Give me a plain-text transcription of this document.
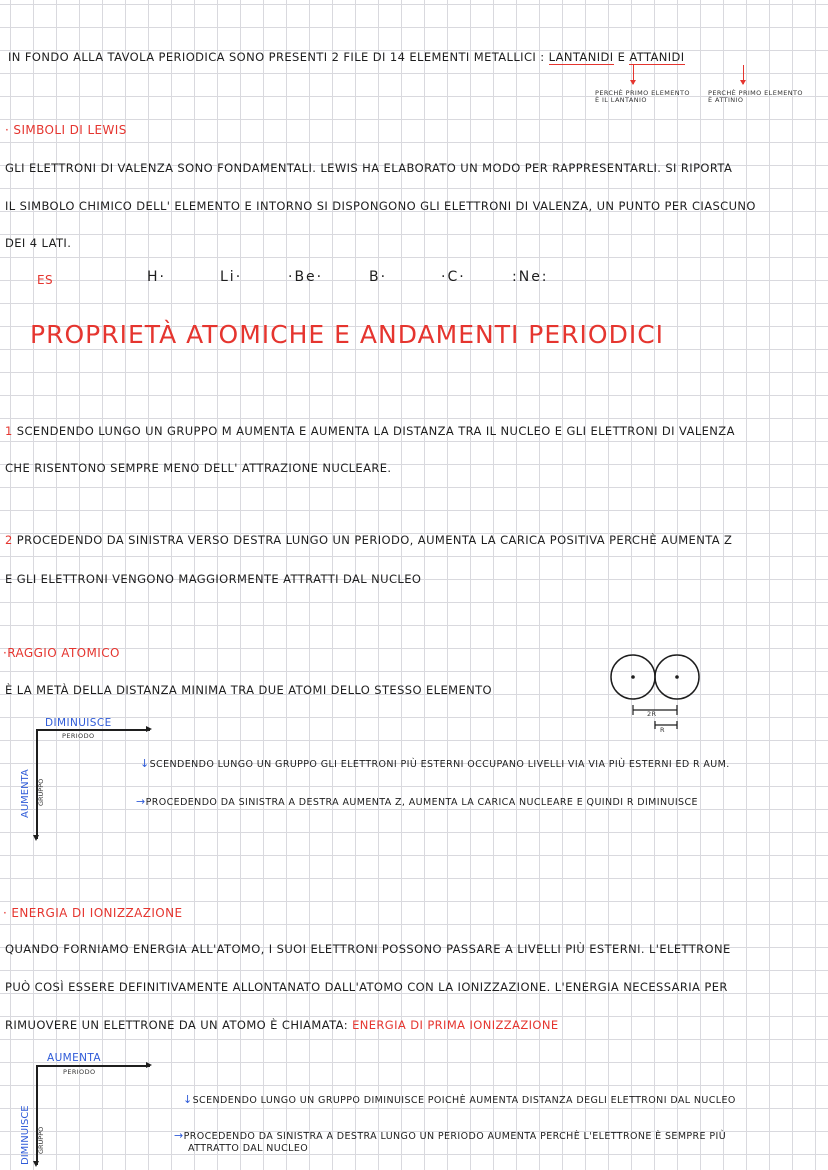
IN FONDO ALLA TAVOLA PERIODICA SONO PRESENTI 2 FILE DI 14 ELEMENTI METALLICI : LANTANIDI E ATTANIDI

PERCHÈ PRIMO ELEMENTO
È IL LANTANIO
PERCHÈ PRIMO ELEMENTO
È ATTINIO

· SIMBOLI DI LEWIS

GLI ELETTRONI DI VALENZA SONO FONDAMENTALI. LEWIS HA ELABORATO UN MODO PER RAPPRESENTARLI. SI RIPORTA

IL SIMBOLO CHIMICO DELL' ELEMENTO E INTORNO SI DISPONGONO GLI ELETTRONI DI VALENZA, UN PUNTO PER CIASCUNO

DEI 4 LATI.

ES	H·	Li·	·Be·	B·	·C·	:Ne:

PROPRIETÀ ATOMICHE E ANDAMENTI PERIODICI

1 SCENDENDO LUNGO UN GRUPPO M AUMENTA E AUMENTA LA DISTANZA TRA IL NUCLEO E GLI ELETTRONI DI VALENZA

CHE RISENTONO SEMPRE MENO DELL' ATTRAZIONE NUCLEARE.

2 PROCEDENDO DA SINISTRA VERSO DESTRA LUNGO UN PERIODO, AUMENTA LA CARICA POSITIVA PERCHÈ AUMENTA Z

E GLI ELETTRONI VENGONO MAGGIORMENTE ATTRATTI DAL NUCLEO

·RAGGIO ATOMICO

È LA METÀ DELLA DISTANZA MINIMA TRA DUE ATOMI DELLO STESSO ELEMENTO

2R
R
DIMINUISCE
PERIODO
AUMENTA GRUPPO

↓SCENDENDO LUNGO UN GRUPPO GLI ELETTRONI PIÙ ESTERNI OCCUPANO LIVELLI VIA VIA PIÙ ESTERNI ED R AUM.

→PROCEDENDO DA SINISTRA A DESTRA AUMENTA Z, AUMENTA LA CARICA NUCLEARE E QUINDI R DIMINUISCE

· ENERGIA DI IONIZZAZIONE

QUANDO FORNIAMO ENERGIA ALL'ATOMO, I SUOI ELETTRONI POSSONO PASSARE A LIVELLI PIÙ ESTERNI. L'ELETTRONE

PUÒ COSÌ ESSERE DEFINITIVAMENTE ALLONTANATO DALL'ATOMO CON LA IONIZZAZIONE. L'ENERGIA NECESSARIA PER

RIMUOVERE UN ELETTRONE DA UN ATOMO È CHIAMATA: ENERGIA DI PRIMA IONIZZAZIONE

AUMENTA
PERIODO
DIMINUISCE GRUPPO

↓SCENDENDO LUNGO UN GRUPPO DIMINUISCE POICHÈ AUMENTA DISTANZA DEGLI ELETTRONI DAL NUCLEO

→PROCEDENDO DA SINISTRA A DESTRA LUNGO UN PERIODO AUMENTA PERCHÈ L'ELETTRONE È SEMPRE PIÙ
ATTRATTO DAL NUCLEO
